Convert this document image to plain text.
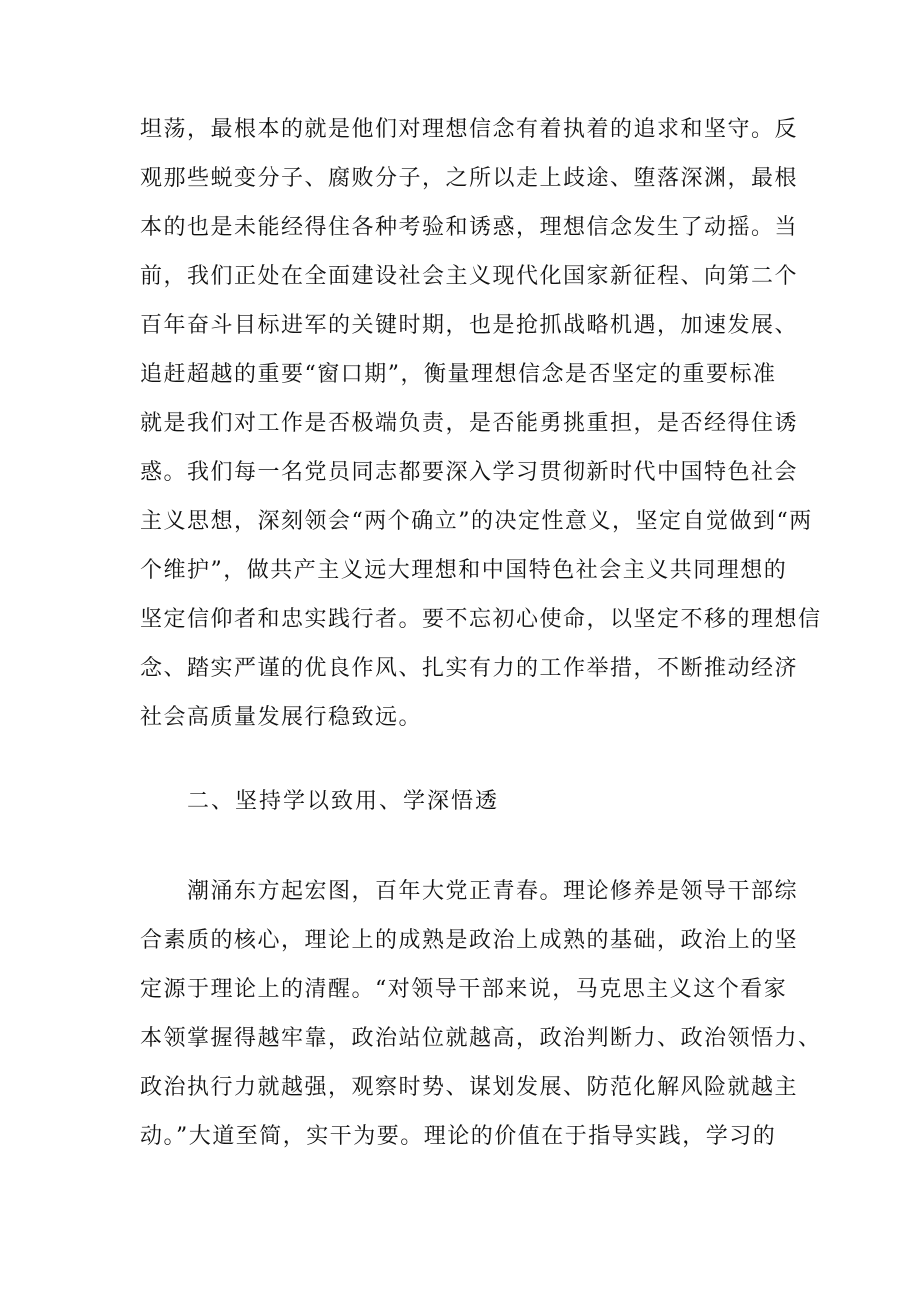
坦荡，最根本的就是他们对理想信念有着执着的追求和坚守。反
观那些蜕变分子、腐败分子，之所以走上歧途、堕落深渊，最根
本的也是未能经得住各种考验和诱惑，理想信念发生了动摇。当
前，我们正处在全面建设社会主义现代化国家新征程、向第二个
百年奋斗目标进军的关键时期，也是抢抓战略机遇，加速发展、
追赶超越的重要“窗口期”，衡量理想信念是否坚定的重要标准
就是我们对工作是否极端负责，是否能勇挑重担，是否经得住诱
惑。我们每一名党员同志都要深入学习贯彻新时代中国特色社会
主义思想，深刻领会“两个确立”的决定性意义，坚定自觉做到“两
个维护”，做共产主义远大理想和中国特色社会主义共同理想的
坚定信仰者和忠实践行者。要不忘初心使命，以坚定不移的理想信
念、踏实严谨的优良作风、扎实有力的工作举措，不断推动经济
社会高质量发展行稳致远。
二、坚持学以致用、学深悟透
潮涌东方起宏图，百年大党正青春。理论修养是领导干部综
合素质的核心，理论上的成熟是政治上成熟的基础，政治上的坚
定源于理论上的清醒。“对领导干部来说，马克思主义这个看家
本领掌握得越牢靠，政治站位就越高，政治判断力、政治领悟力、
政治执行力就越强，观察时势、谋划发展、防范化解风险就越主
动。”大道至简，实干为要。理论的价值在于指导实践，学习的
